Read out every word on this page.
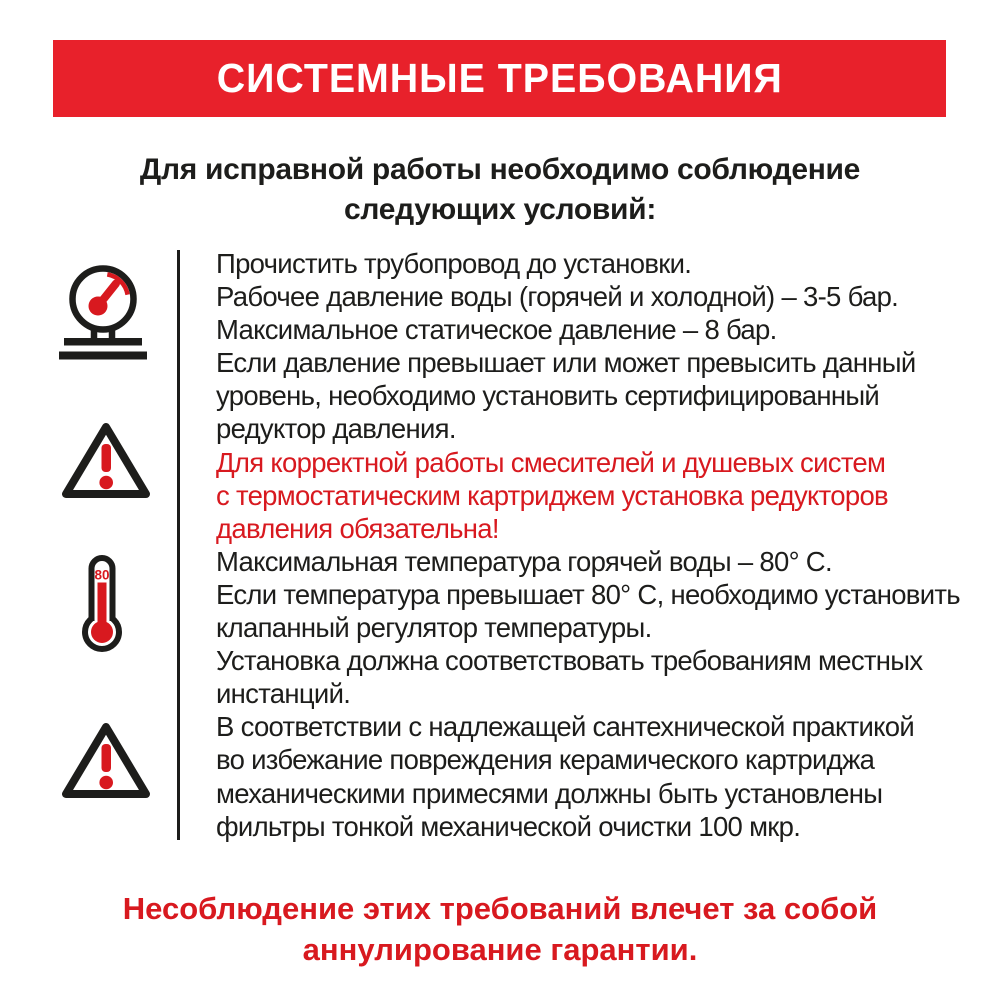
СИСТЕМНЫЕ ТРЕБОВАНИЯ
Для исправной работы необходимо соблюдение
следующих условий:
80
Прочистить трубопровод до установки.
Рабочее давление воды (горячей и холодной) – 3-5 бар.
Максимальное статическое давление – 8 бар.
Если давление превышает или может превысить данный
уровень, необходимо установить сертифицированный
редуктор давления.
Для корректной работы смесителей и душевых систем
с термостатическим картриджем установка редукторов
давления обязательна!
Максимальная температура горячей воды – 80° C.
Если температура превышает 80° C, необходимо установить
клапанный регулятор температуры.
Установка должна соответствовать требованиям местных
инстанций.
В соответствии с надлежащей сантехнической практикой
во избежание повреждения керамического картриджа
механическими примесями должны быть установлены
фильтры тонкой механической очистки 100 мкр.

Несоблюдение этих требований влечет за собой
аннулирование гарантии.
